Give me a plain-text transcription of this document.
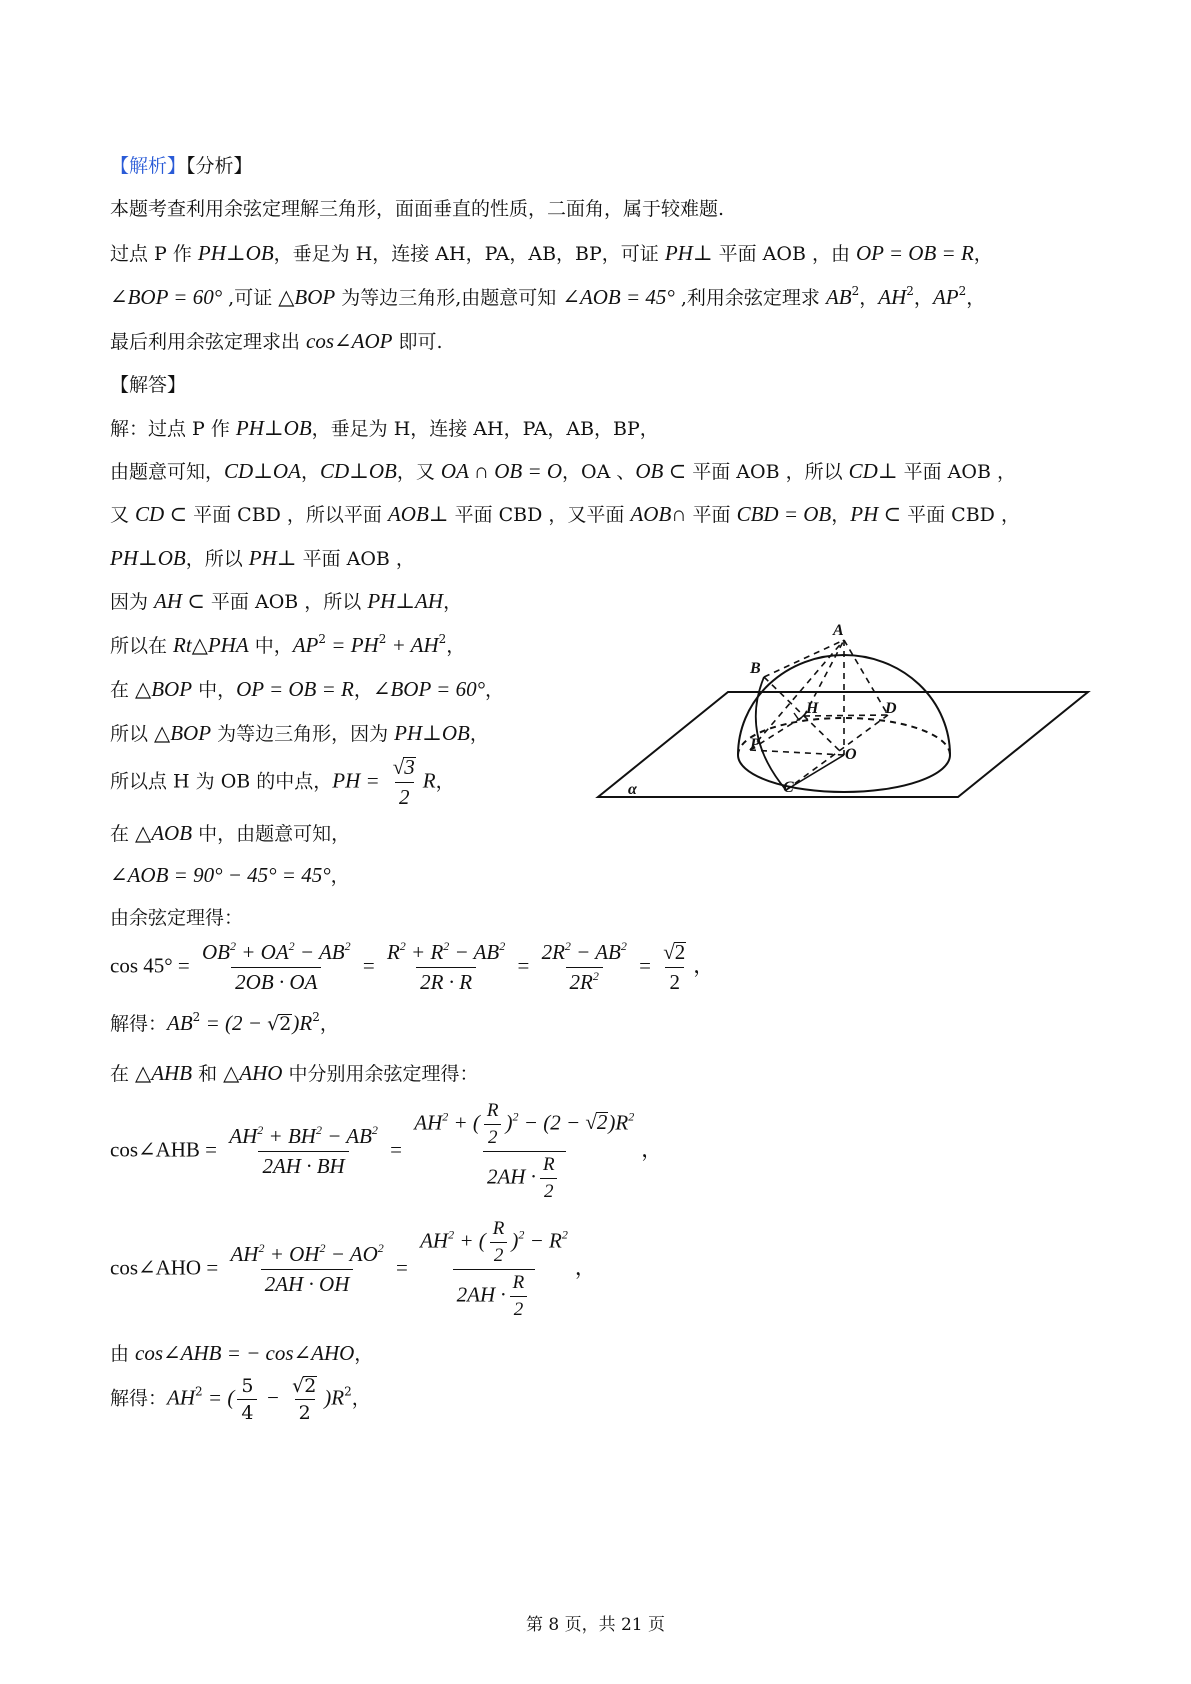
【解析】【分析】
本题考查利用余弦定理解三角形，面面垂直的性质，二面角，属于较难题.
过点 P 作 PH⊥OB，垂足为 H，连接 AH，PA，AB，BP，可证 PH⊥ 平面 AOB ，由 OP = OB = R，
∠BOP = 60° ,可证 △BOP 为等边三角形,由题意可知 ∠AOB = 45° ,利用余弦定理求 $AB^2$，$AH^2$，$AP^2$，
最后利用余弦定理求出 cos∠AOP 即可.
【解答】
解：过点 P 作 PH⊥OB，垂足为 H，连接 AH，PA，AB，BP，
由题意可知，CD⊥OA，CD⊥OB，又 OA ∩ OB = O，OA 、OB ⊂ 平面 AOB ，所以 CD⊥ 平面 AOB ，
又 CD ⊂ 平面 CBD ，所以平面 AOB⊥ 平面 CBD ，又平面 AOB∩ 平面 CBD = OB，PH ⊂ 平面 CBD ，
PH⊥OB，所以 PH⊥ 平面 AOB ，
因为 AH ⊂ 平面 AOB ，所以 PH⊥AH，
所以在 Rt△PHA 中，$AP^2 = PH^2 + AH^2$，
在 △BOP 中，OP = OB = R，∠BOP = 60°，
所以 △BOP 为等边三角形，因为 PH⊥OB，
所以点 H 为 OB 的中点，PH = $\frac{√3}{2}$ R，
在 △AOB 中，由题意可知，
∠AOB = 90° − 45° = 45°，
由余弦定理得：
$\cos 45^\circ = \frac{OB^2 + OA^2 - AB^2}{2OB \cdot OA} = \frac{R^2 + R^2 - AB^2}{2R \cdot R} = \frac{2R^2 - AB^2}{2R^2} = \frac{√2}{2}$ ，
解得：$AB^2 = (2 - √2)R^2$，
在 △AHB 和 △AHO 中分别用余弦定理得：
cos∠AHB = $\frac{AH^2 + BH^2 - AB^2}{2AH \cdot BH} = \frac{AH^2 + ( \frac{R}{2} )^2 - (2 - √2)R^2}{2AH \cdot \frac{R}{2}}$ ，
cos∠AHO = $\frac{AH^2 + OH^2 - AO^2}{2AH \cdot OH} = \frac{AH^2 + ( \frac{R}{2} )^2 - R^2}{2AH \cdot \frac{R}{2}}$ ，
由 cos∠AHB = − cos∠AHO，
解得：$AH^2$ = ( $\frac{5}{4} - \frac{√2}{2} )R^2$，
A
B
H	D
P
O
C
α
第 8 页，共 21 页
